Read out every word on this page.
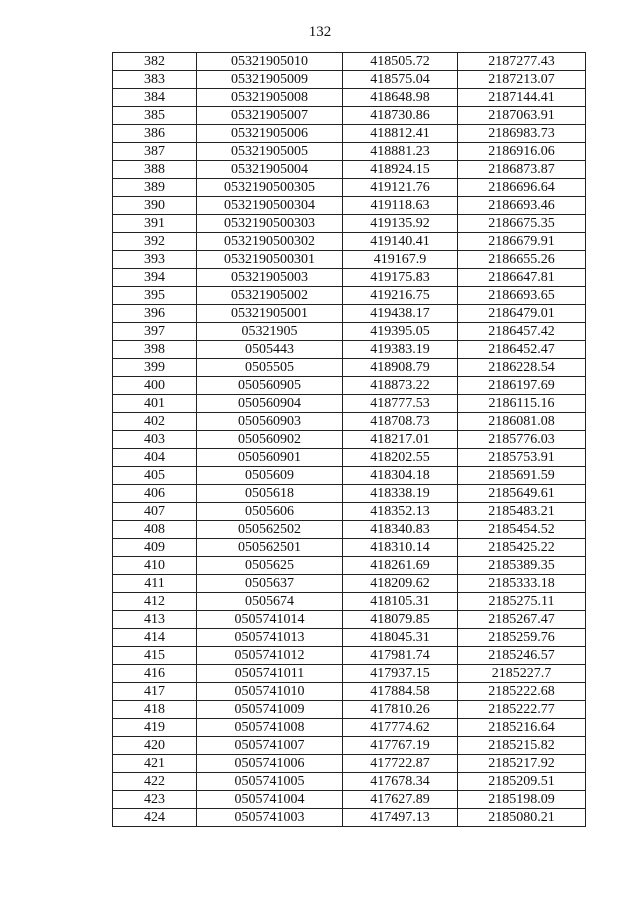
132
382	05321905010	418505.72	2187277.43
383	05321905009	418575.04	2187213.07
384	05321905008	418648.98	2187144.41
385	05321905007	418730.86	2187063.91
386	05321905006	418812.41	2186983.73
387	05321905005	418881.23	2186916.06
388	05321905004	418924.15	2186873.87
389	0532190500305	419121.76	2186696.64
390	0532190500304	419118.63	2186693.46
391	0532190500303	419135.92	2186675.35
392	0532190500302	419140.41	2186679.91
393	0532190500301	419167.9	2186655.26
394	05321905003	419175.83	2186647.81
395	05321905002	419216.75	2186693.65
396	05321905001	419438.17	2186479.01
397	05321905	419395.05	2186457.42
398	0505443	419383.19	2186452.47
399	0505505	418908.79	2186228.54
400	050560905	418873.22	2186197.69
401	050560904	418777.53	2186115.16
402	050560903	418708.73	2186081.08
403	050560902	418217.01	2185776.03
404	050560901	418202.55	2185753.91
405	0505609	418304.18	2185691.59
406	0505618	418338.19	2185649.61
407	0505606	418352.13	2185483.21
408	050562502	418340.83	2185454.52
409	050562501	418310.14	2185425.22
410	0505625	418261.69	2185389.35
411	0505637	418209.62	2185333.18
412	0505674	418105.31	2185275.11
413	0505741014	418079.85	2185267.47
414	0505741013	418045.31	2185259.76
415	0505741012	417981.74	2185246.57
416	0505741011	417937.15	2185227.7
417	0505741010	417884.58	2185222.68
418	0505741009	417810.26	2185222.77
419	0505741008	417774.62	2185216.64
420	0505741007	417767.19	2185215.82
421	0505741006	417722.87	2185217.92
422	0505741005	417678.34	2185209.51
423	0505741004	417627.89	2185198.09
424	0505741003	417497.13	2185080.21
